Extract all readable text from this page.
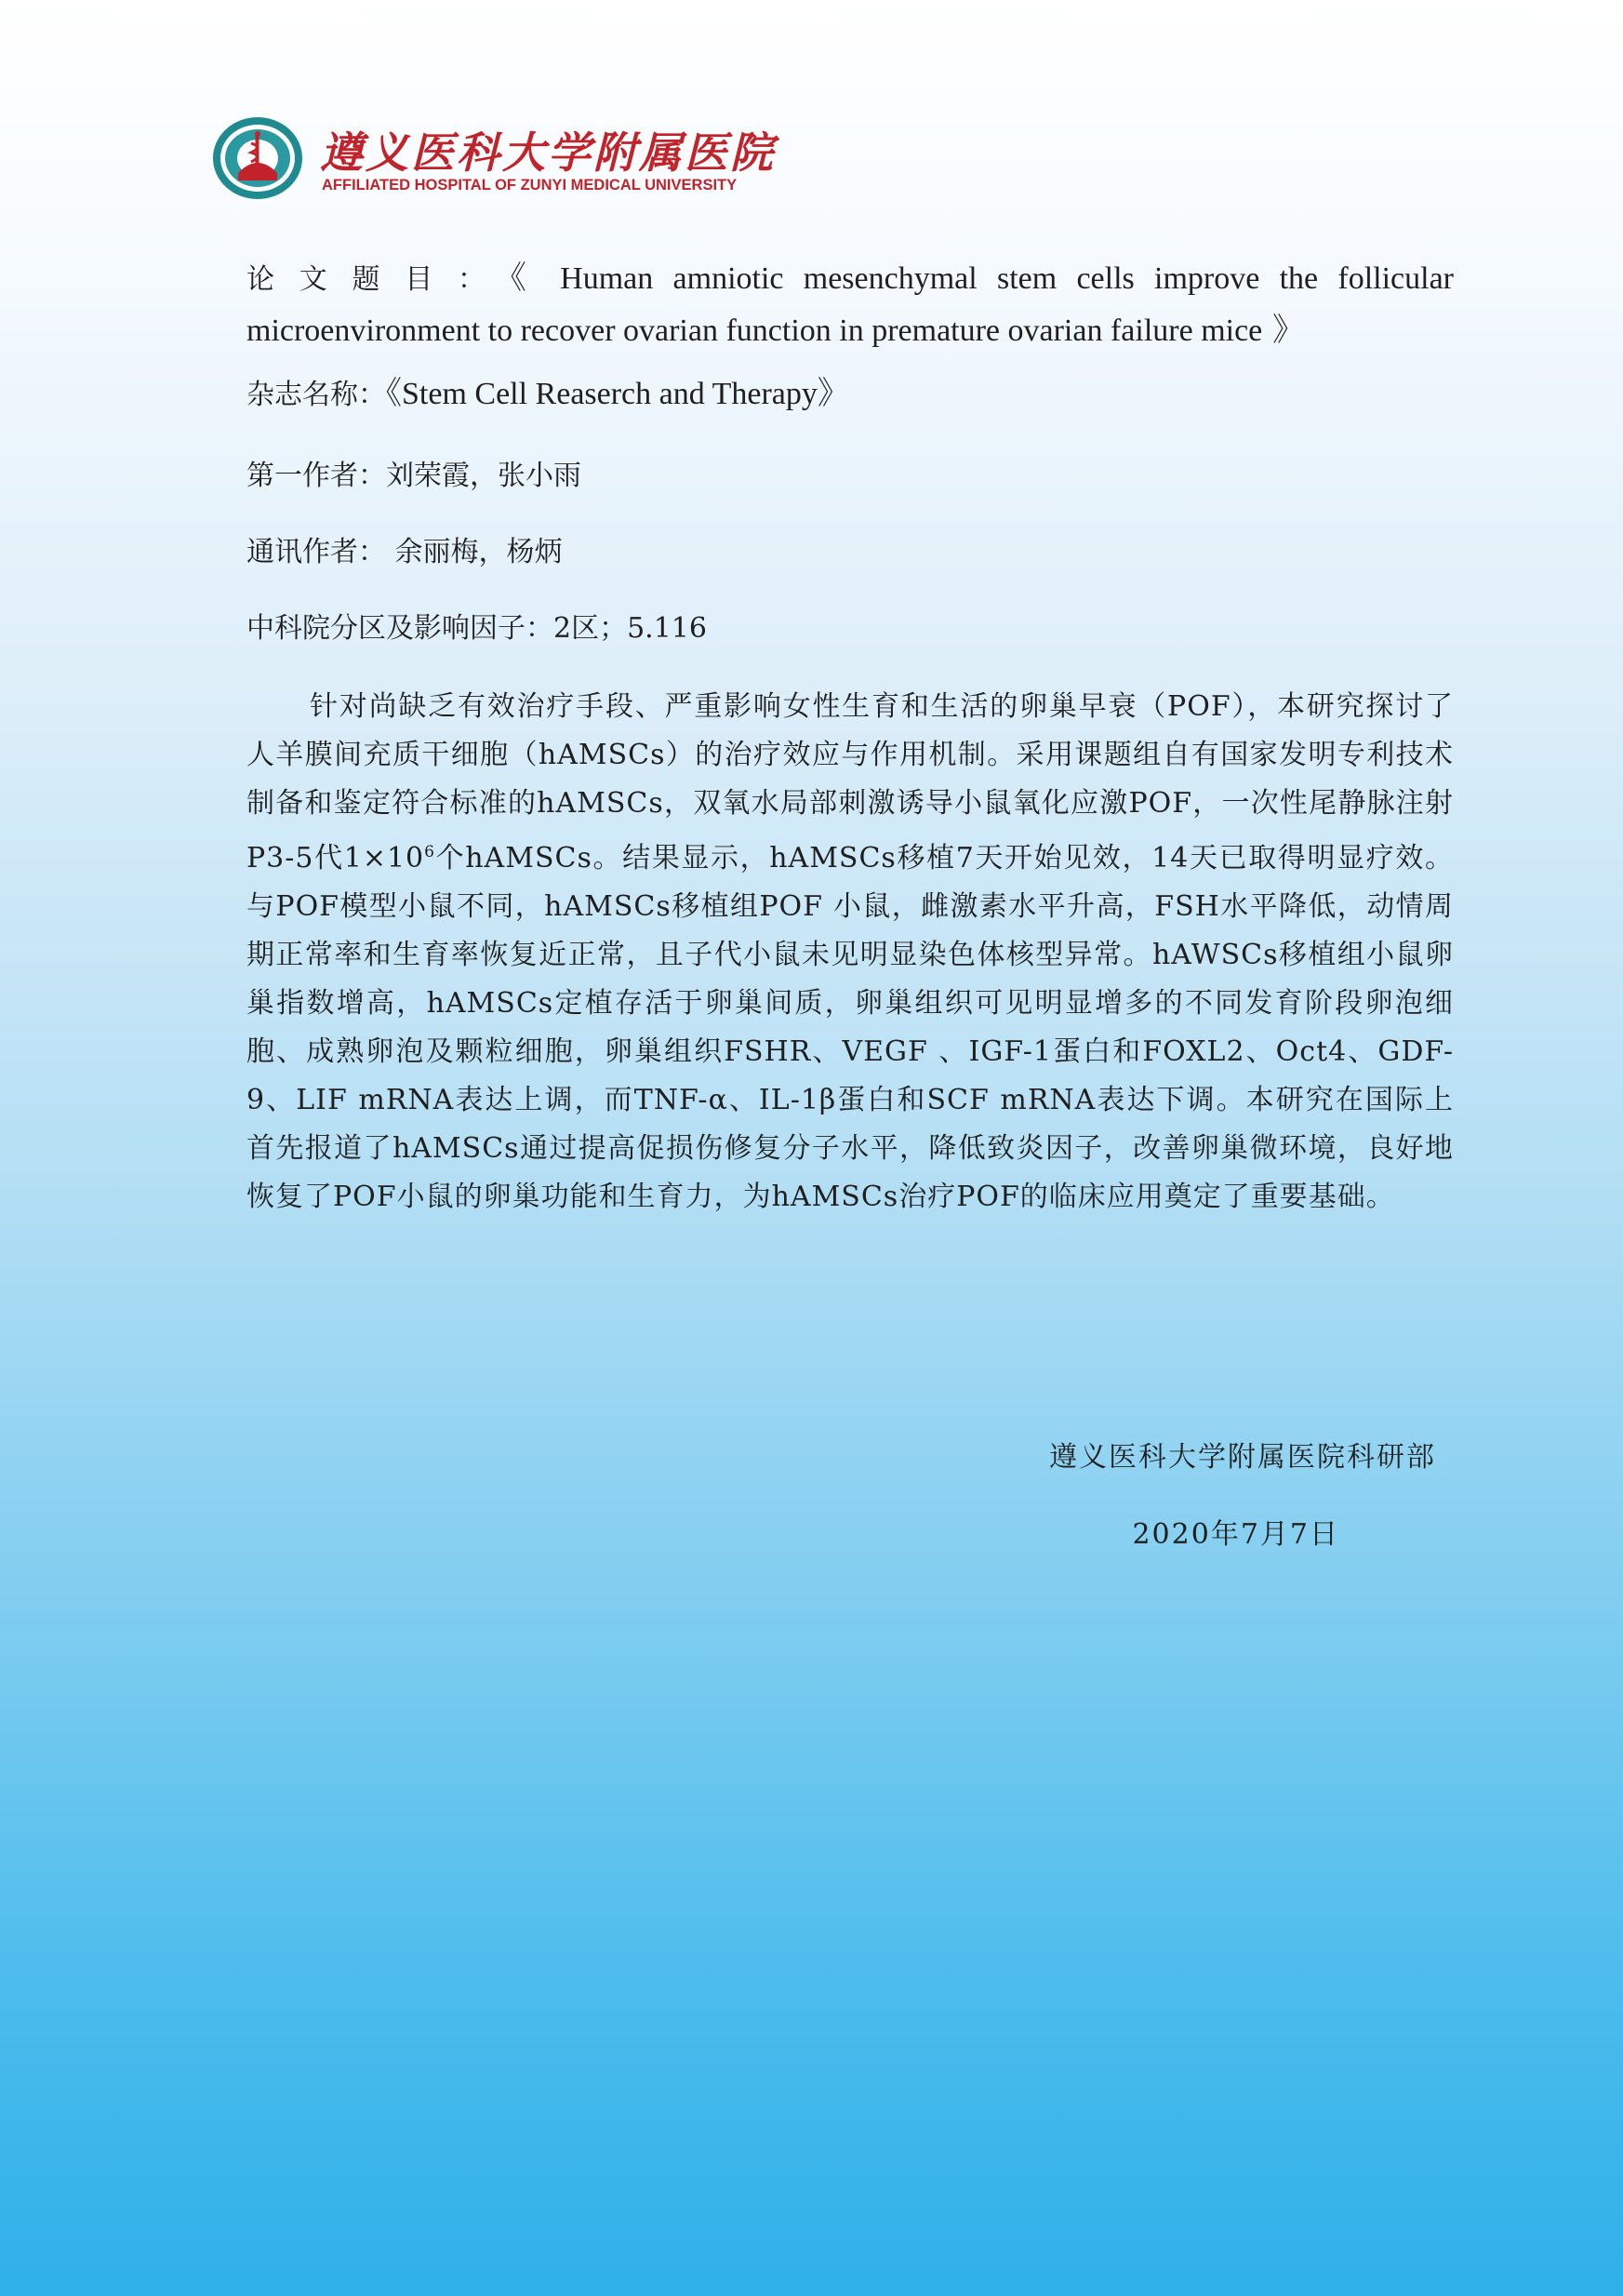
遵义医科大学附属医院
AFFILIATED HOSPITAL OF ZUNYI MEDICAL UNIVERSITY
论文题目：《 Human amniotic mesenchymal stem cells improve the follicular
microenvironment to recover ovarian function in premature ovarian failure mice 》
杂志名称：《Stem Cell Reaserch and Therapy》
第一作者：刘荣霞，张小雨
通讯作者： 余丽梅，杨炳
中科院分区及影响因子：2区；5.116
针对尚缺乏有效治疗手段、严重影响女性生育和生活的卵巢早衰（POF），本研究探讨了人羊膜间充质干细胞（hAMSCs）的治疗效应与作用机制。采用课题组自有国家发明专利技术制备和鉴定符合标准的hAMSCs，双氧水局部刺激诱导小鼠氧化应激POF，一次性尾静脉注射P3-5代$1\times 10^6$个hAMSCs。结果显示，hAMSCs移植7天开始见效，14天已取得明显疗效。与POF模型小鼠不同，hAMSCs移植组POF 小鼠，雌激素水平升高，FSH水平降低，动情周期正常率和生育率恢复近正常，且子代小鼠未见明显染色体核型异常。hAWSCs移植组小鼠卵巢指数增高，hAMSCs定植存活于卵巢间质，卵巢组织可见明显增多的不同发育阶段卵泡细胞、成熟卵泡及颗粒细胞，卵巢组织FSHR、VEGF 、IGF-1蛋白和FOXL2、Oct4、GDF-9、LIF mRNA表达上调，而TNF-α、IL-1β蛋白和SCF mRNA表达下调。本研究在国际上首先报道了hAMSCs通过提高促损伤修复分子水平，降低致炎因子，改善卵巢微环境，良好地恢复了POF小鼠的卵巢功能和生育力，为hAMSCs治疗POF的临床应用奠定了重要基础。
遵义医科大学附属医院科研部
2020年7月7日
